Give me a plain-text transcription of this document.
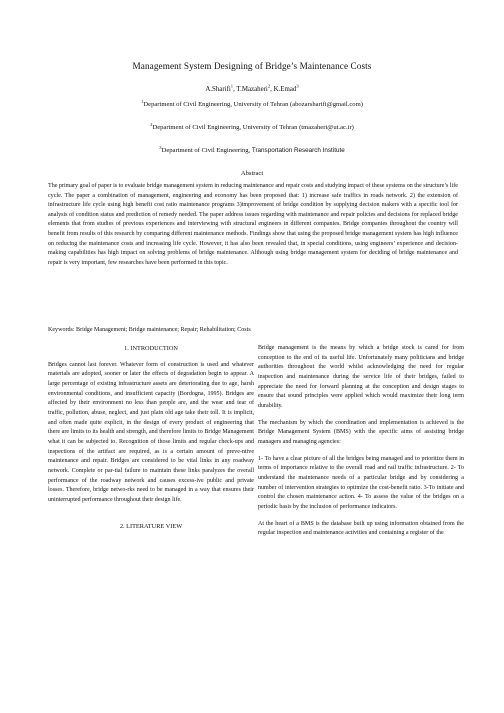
Management System Designing of Bridge’s Maintenance Costs
A.Sharifi$^1$, T.Mazaheri$^2$, K.Emad$^3$
$^1$Department of Civil Engineering, University of Tehran (abozarsharifi@gmail.com)
$^2$Department of Civil Engineering, University of Tehran (tmazaheri@ut.ac.ir)
$^3$Department of Civil Engineering, Transportation Research Institute
Abstract

The primary goal of paper is to evaluate bridge management system in reducing maintenance and repair costs and studying impact of these systems on the structure’s life cycle. The paper a combination of management, engineering and economy has been proposed that: 1) increase safe traffics in roads network. 2) the extension of infrastructure life cycle using high benefit cost ratio maintenance programs 3)improvement of bridge condition by supplying decision makers with a specific tool for analysis of condition status and prediction of remedy needed. The paper address issues regarding with maintenance and repair policies and decisions for replaced bridge elements that from studies of previous experiences and interviewing with structural engineers in different companies. Bridge companies throughout the country will benefit from results of this research by comparing different maintenance methods. Findings show that using the proposed bridge management system has high influence on reducing the maintenance costs and increasing life cycle. However, it has also been revealed that, in special conditions, using engineers’ experience and decision-making capabilities has high impact on solving problems of bridge maintenance. Although using bridge management system for deciding of bridge maintenance and repair is very important, few researches have been performed in this topic.

Keywords: Bridge Management; Bridge maintenance; Repair; Rehabilitation; Costs

1. INTRODUCTION

Bridges cannot last forever. Whatever form of construction is used and whatever materials are adopted, sooner or later the effects of degradation begin to appear. A large percentage of existing infrastructure assets are deteriorating due to age, harsh environmental conditions, and insufficient capacity (Bordogna, 1995). Bridges are affected by their environment no less than people are, and the wear and tear of traffic, pollution, abuse, neglect, and just plain old age take their toll. It is implicit, and often made quite explicit, in the design of every product of engineering that there are limits to its health and strength, and therefore limits to Bridge Management what it can be subjected to. Recognition of those limits and regular check-ups and inspections of the artifact are required, as is a certain amount of preve-ntive maintenance and repair. Bridges are considered to be vital links in any roadway network. Complete or par-tial failure to maintain these links paralyzes the overall performance of the roadway network and causes excess-ive public and private losses. Therefore, bridge netwo-rks need to be managed in a way that ensures their uninterrupted performance throughout their design life.

2. LITERATURE VIEW

Bridge management is the means by which a bridge stock is cared for from conception to the end of its useful life. Unfortunately many politicians and bridge authorities throughout the world whilst acknowledging the need for regular inspection and maintenance during the service life of their bridges, failed to appreciate the need for forward planning at the conception and design stages to ensure that sound principles were applied which would maximize their long term durability.

The mechanism by which the coordination and implementation is achieved is the Bridge Management System (BMS) with the specific aims of assisting bridge managers and managing agencies:

1- To have a clear picture of all the bridges being managed and to prioritize them in terms of importance relative to the overall road and rail traffic infrastructure. 2- To understand the maintenance needs of a particular bridge and by considering a number of intervention strategies to optimize the cost-benefit ratio. 3-To initiate and control the chosen maintenance action. 4- To assess the value of the bridges on a periodic basis by the inclusion of performance indicators.

At the heart of a BMS is the database built up using information obtained from the regular inspection and maintenance activities and containing a register of the
